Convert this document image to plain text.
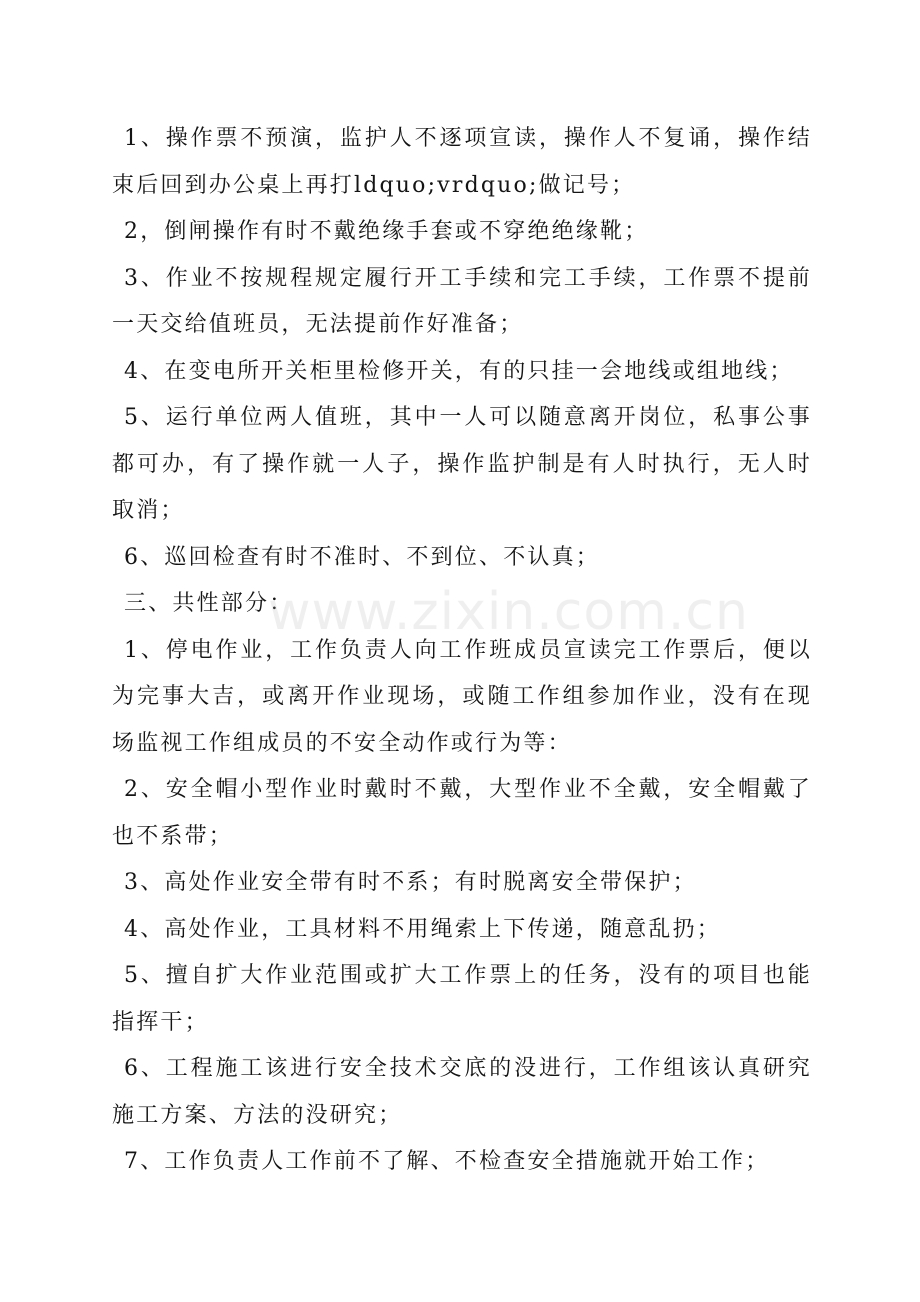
1、操作票不预演，监护人不逐项宣读，操作人不复诵，操作结束后回到办公桌上再打ldquo;vrdquo;做记号；

2，倒闸操作有时不戴绝缘手套或不穿绝绝缘靴；

3、作业不按规程规定履行开工手续和完工手续，工作票不提前一天交给值班员，无法提前作好准备；

4、在变电所开关柜里检修开关，有的只挂一会地线或组地线；

5、运行单位两人值班，其中一人可以随意离开岗位，私事公事都可办，有了操作就一人子，操作监护制是有人时执行，无人时取消；

6、巡回检查有时不准时、不到位、不认真；

三、共性部分：

1、停电作业，工作负责人向工作班成员宣读完工作票后，便以为完事大吉，或离开作业现场，或随工作组参加作业，没有在现场监视工作组成员的不安全动作或行为等：

2、安全帽小型作业时戴时不戴，大型作业不全戴，安全帽戴了也不系带；

3、高处作业安全带有时不系；有时脱离安全带保护；

4、高处作业，工具材料不用绳索上下传递，随意乱扔；

5、擅自扩大作业范围或扩大工作票上的任务，没有的项目也能指挥干；

6、工程施工该进行安全技术交底的没进行，工作组该认真研究施工方案、方法的没研究；

7、工作负责人工作前不了解、不检查安全措施就开始工作；

www.zixin.com.cn
